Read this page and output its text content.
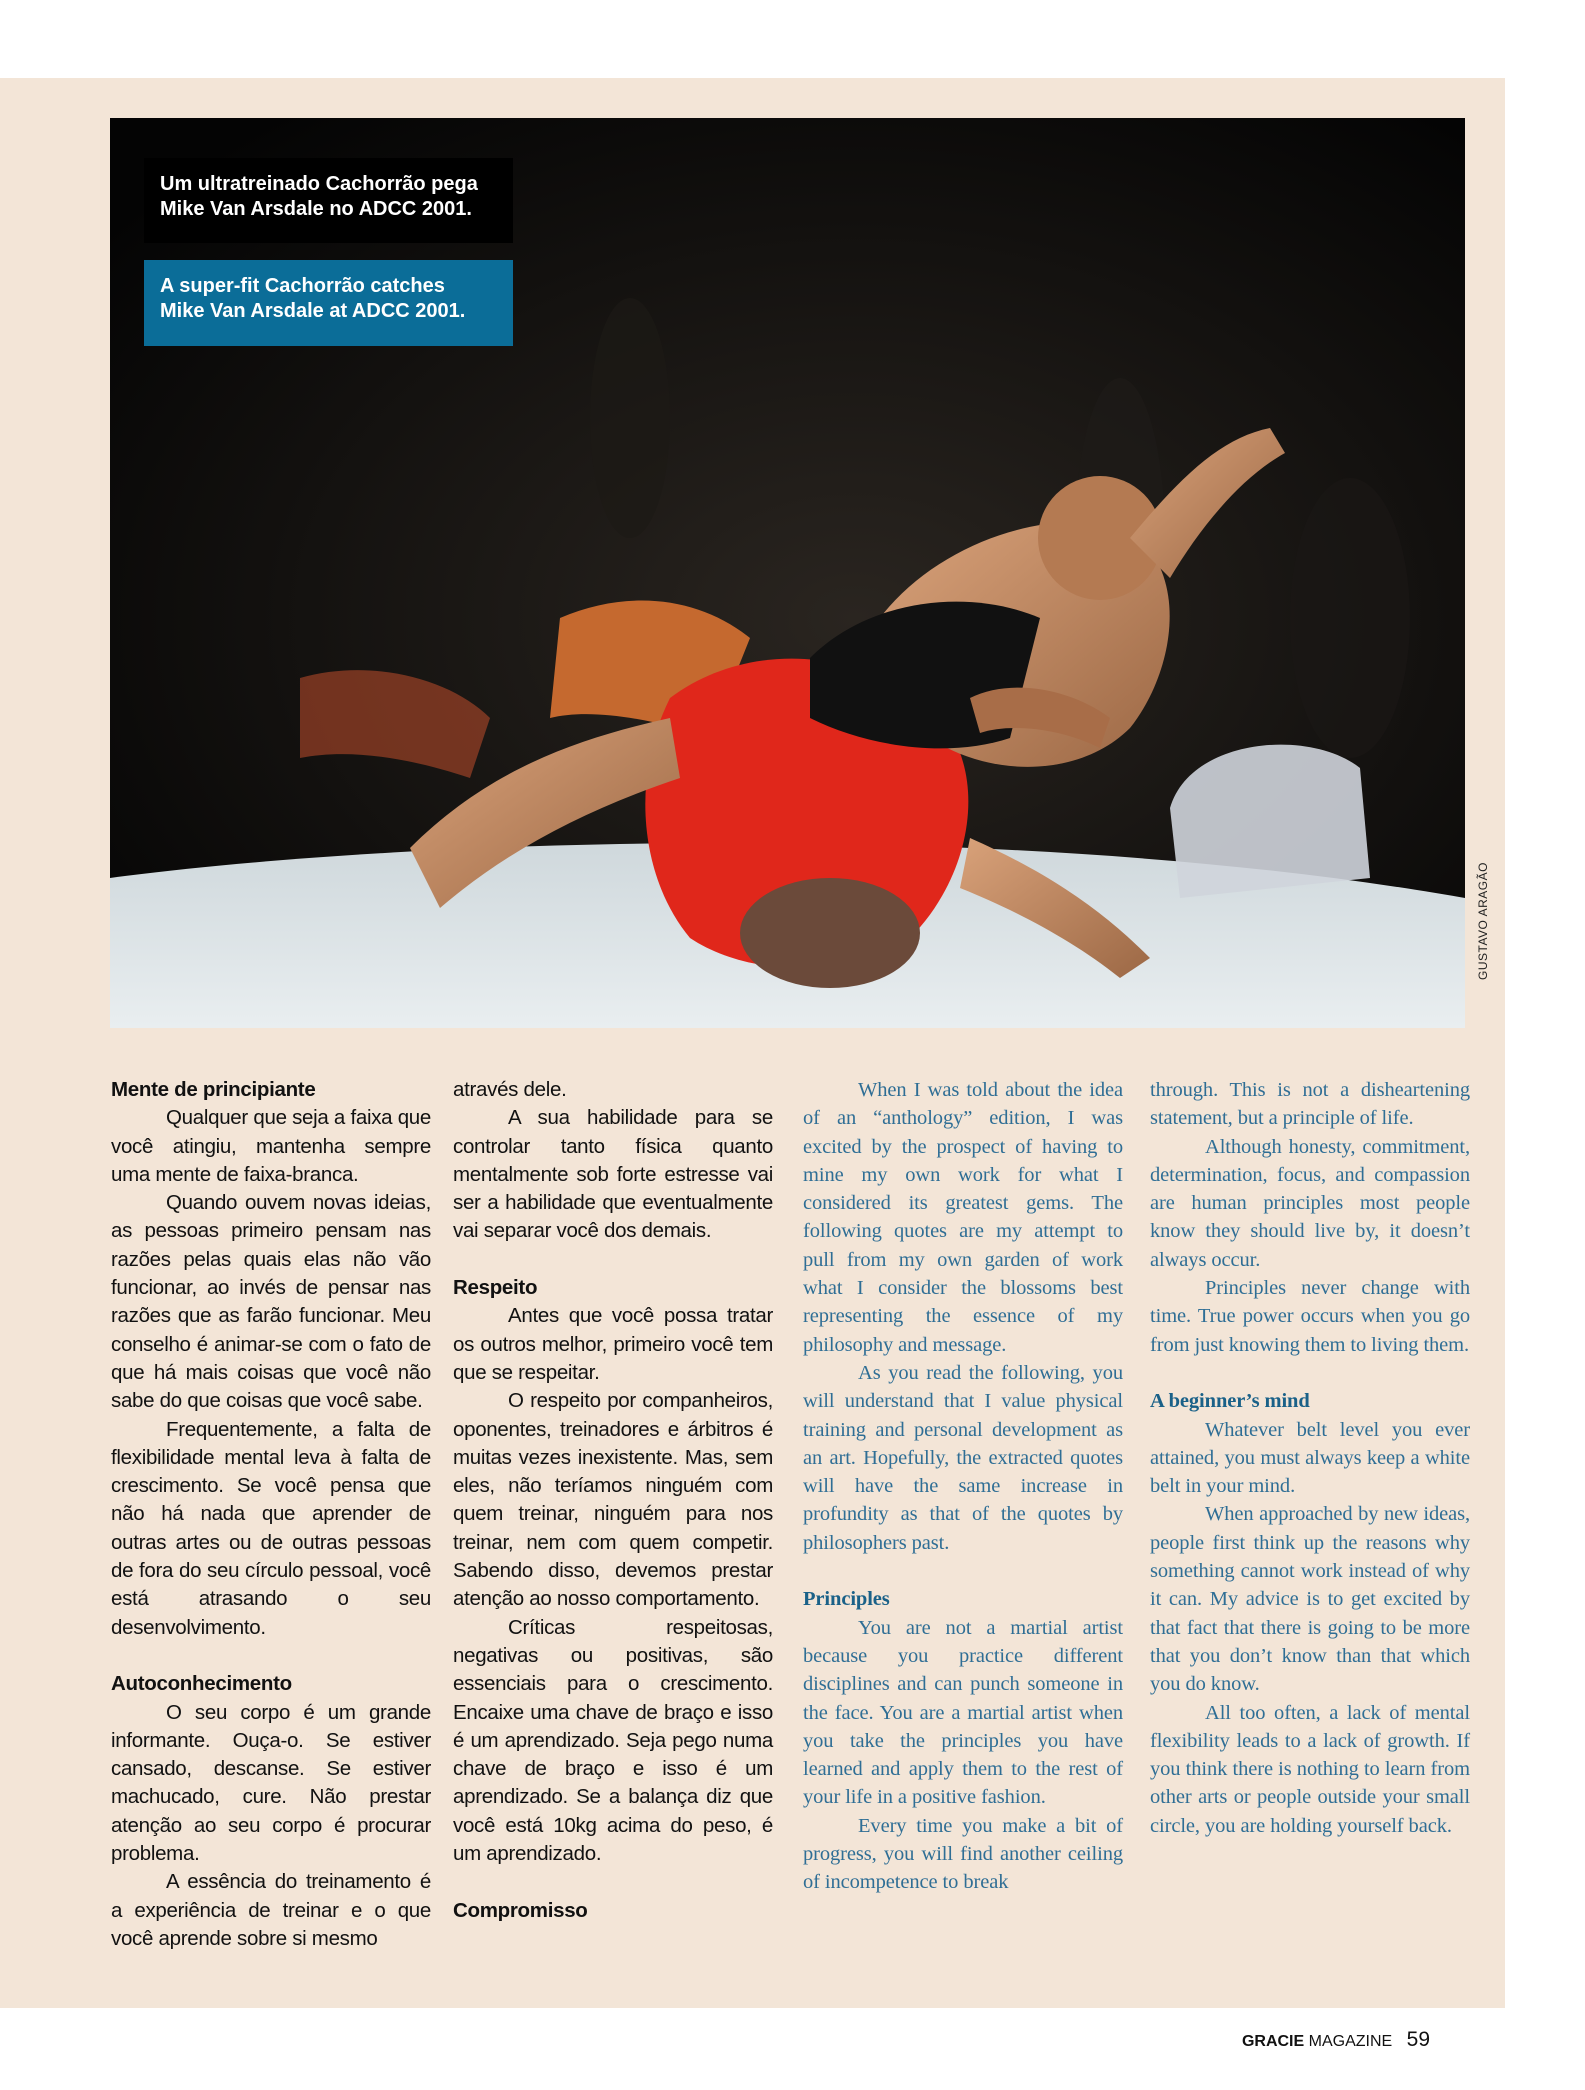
Um ultratreinado Cachorrão pega
Mike Van Arsdale no ADCC 2001.
A super-fit Cachorrão catches
Mike Van Arsdale at ADCC 2001.
GUSTAVO ARAGÃO
Mente de principiante

Qualquer que seja a faixa que você atingiu, mantenha sempre uma mente de faixa-branca.

Quando ouvem novas ideias, as pessoas primeiro pensam nas razões pelas quais elas não vão funcionar, ao invés de pensar nas razões que as farão funcionar. Meu conselho é animar-se com o fato de que há mais coisas que você não sabe do que coisas que você sabe.

Frequentemente, a falta de flexibilidade mental leva à falta de crescimento. Se você pensa que não há nada que aprender de outras artes ou de outras pessoas de fora do seu círculo pessoal, você está atrasando o seu desenvolvimento.

Autoconhecimento

O seu corpo é um grande informante. Ouça-o. Se estiver cansado, descanse. Se estiver machucado, cure. Não prestar atenção ao seu corpo é procurar problema.

A essência do treinamento é a experiência de treinar e o que você aprende sobre si mesmo

através dele.

A sua habilidade para se controlar tanto física quanto mentalmente sob forte estresse vai ser a habilidade que eventualmente vai separar você dos demais.

Respeito

Antes que você possa tratar os outros melhor, primeiro você tem que se respeitar.

O respeito por companheiros, oponentes, treinadores e árbitros é muitas vezes inexistente. Mas, sem eles, não teríamos ninguém com quem treinar, ninguém para nos treinar, nem com quem competir. Sabendo disso, devemos prestar atenção ao nosso comportamento.

Críticas respeitosas, negativas ou positivas, são essenciais para o crescimento. Encaixe uma chave de braço e isso é um aprendizado. Seja pego numa chave de braço e isso é um aprendizado. Se a balança diz que você está 10kg acima do peso, é um aprendizado.

Compromisso

When I was told about the idea of an “anthology” edition, I was excited by the prospect of having to mine my own work for what I considered its greatest gems. The following quotes are my attempt to pull from my own garden of work what I consider the blossoms best representing the essence of my philosophy and message.

As you read the following, you will understand that I value physical training and personal development as an art. Hopefully, the extracted quotes will have the same increase in profundity as that of the quotes by philosophers past.

Principles

You are not a martial artist because you practice different disciplines and can punch someone in the face. You are a martial artist when you take the principles you have learned and apply them to the rest of your life in a positive fashion.

Every time you make a bit of progress, you will find another ceiling of incompetence to break

through. This is not a disheartening statement, but a principle of life.

Although honesty, commitment, determination, focus, and compassion are human principles most people know they should live by, it doesn’t always occur.

Principles never change with time. True power occurs when you go from just knowing them to living them.

A beginner’s mind

Whatever belt level you ever attained, you must always keep a white belt in your mind.

When approached by new ideas, people first think up the reasons why something cannot work instead of why it can. My advice is to get excited by that fact that there is going to be more that you don’t know than that which you do know.

All too often, a lack of mental flexibility leads to a lack of growth. If you think there is nothing to learn from other arts or people outside your small circle, you are holding yourself back.

GRACIE MAGAZINE 59
